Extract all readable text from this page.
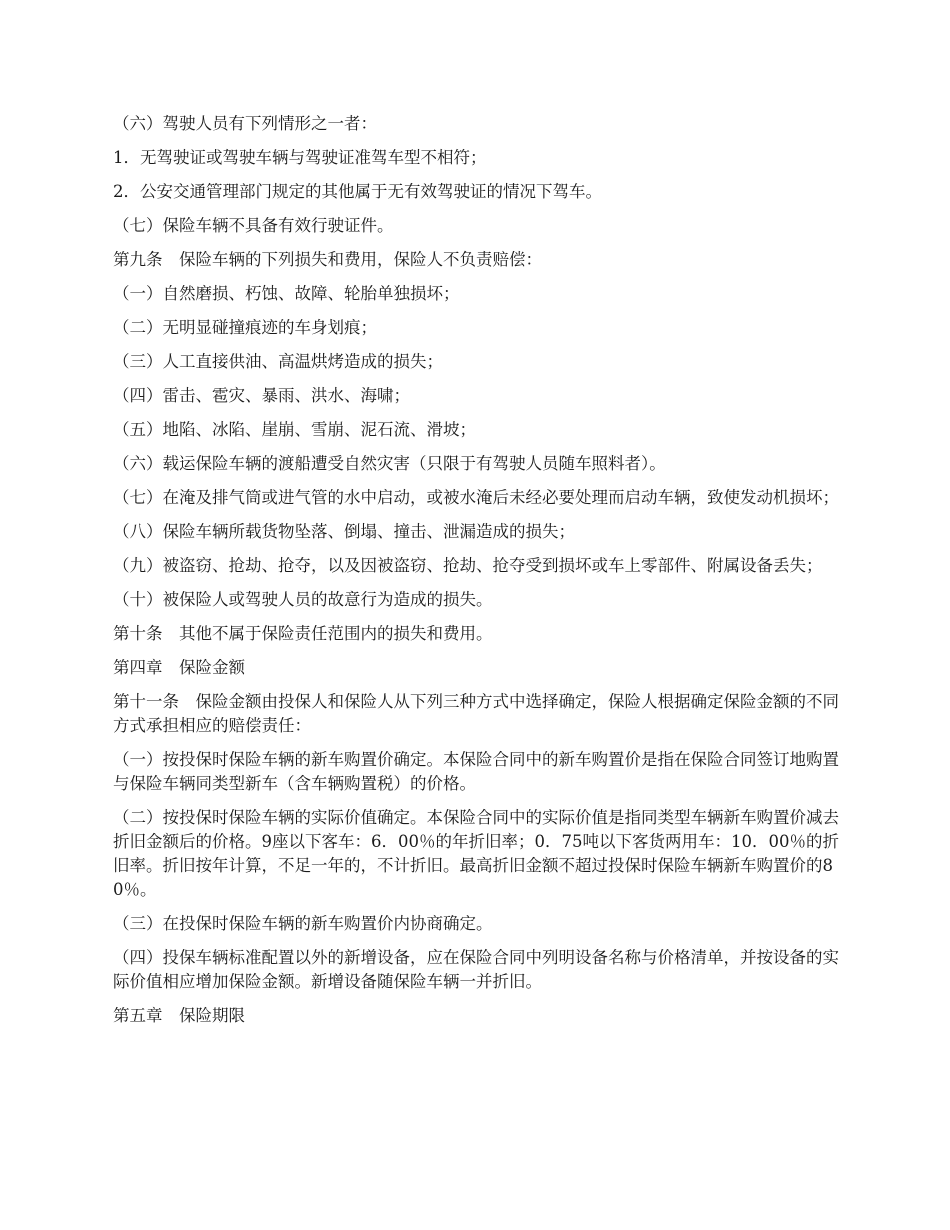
（六）驾驶人员有下列情形之一者：

1．无驾驶证或驾驶车辆与驾驶证准驾车型不相符；

2．公安交通管理部门规定的其他属于无有效驾驶证的情况下驾车。

（七）保险车辆不具备有效行驶证件。

第九条　保险车辆的下列损失和费用，保险人不负责赔偿：

（一）自然磨损、朽蚀、故障、轮胎单独损坏；

（二）无明显碰撞痕迹的车身划痕；

（三）人工直接供油、高温烘烤造成的损失；

（四）雷击、雹灾、暴雨、洪水、海啸；

（五）地陷、冰陷、崖崩、雪崩、泥石流、滑坡；

（六）载运保险车辆的渡船遭受自然灾害（只限于有驾驶人员随车照料者）。

（七）在淹及排气筒或进气管的水中启动，或被水淹后未经必要处理而启动车辆，致使发动机损坏；

（八）保险车辆所载货物坠落、倒塌、撞击、泄漏造成的损失；

（九）被盗窃、抢劫、抢夺，以及因被盗窃、抢劫、抢夺受到损坏或车上零部件、附属设备丢失；

（十）被保险人或驾驶人员的故意行为造成的损失。

第十条　其他不属于保险责任范围内的损失和费用。

第四章　保险金额

第十一条　保险金额由投保人和保险人从下列三种方式中选择确定，保险人根据确定保险金额的不同方式承担相应的赔偿责任：

（一）按投保时保险车辆的新车购置价确定。本保险合同中的新车购置价是指在保险合同签订地购置与保险车辆同类型新车（含车辆购置税）的价格。

（二）按投保时保险车辆的实际价值确定。本保险合同中的实际价值是指同类型车辆新车购置价减去折旧金额后的价格。9座以下客车：6．00％的年折旧率；0．75吨以下客货两用车：10．00％的折旧率。折旧按年计算，不足一年的，不计折旧。最高折旧金额不超过投保时保险车辆新车购置价的80％。

（三）在投保时保险车辆的新车购置价内协商确定。

（四）投保车辆标准配置以外的新增设备，应在保险合同中列明设备名称与价格清单，并按设备的实际价值相应增加保险金额。新增设备随保险车辆一并折旧。

第五章　保险期限
